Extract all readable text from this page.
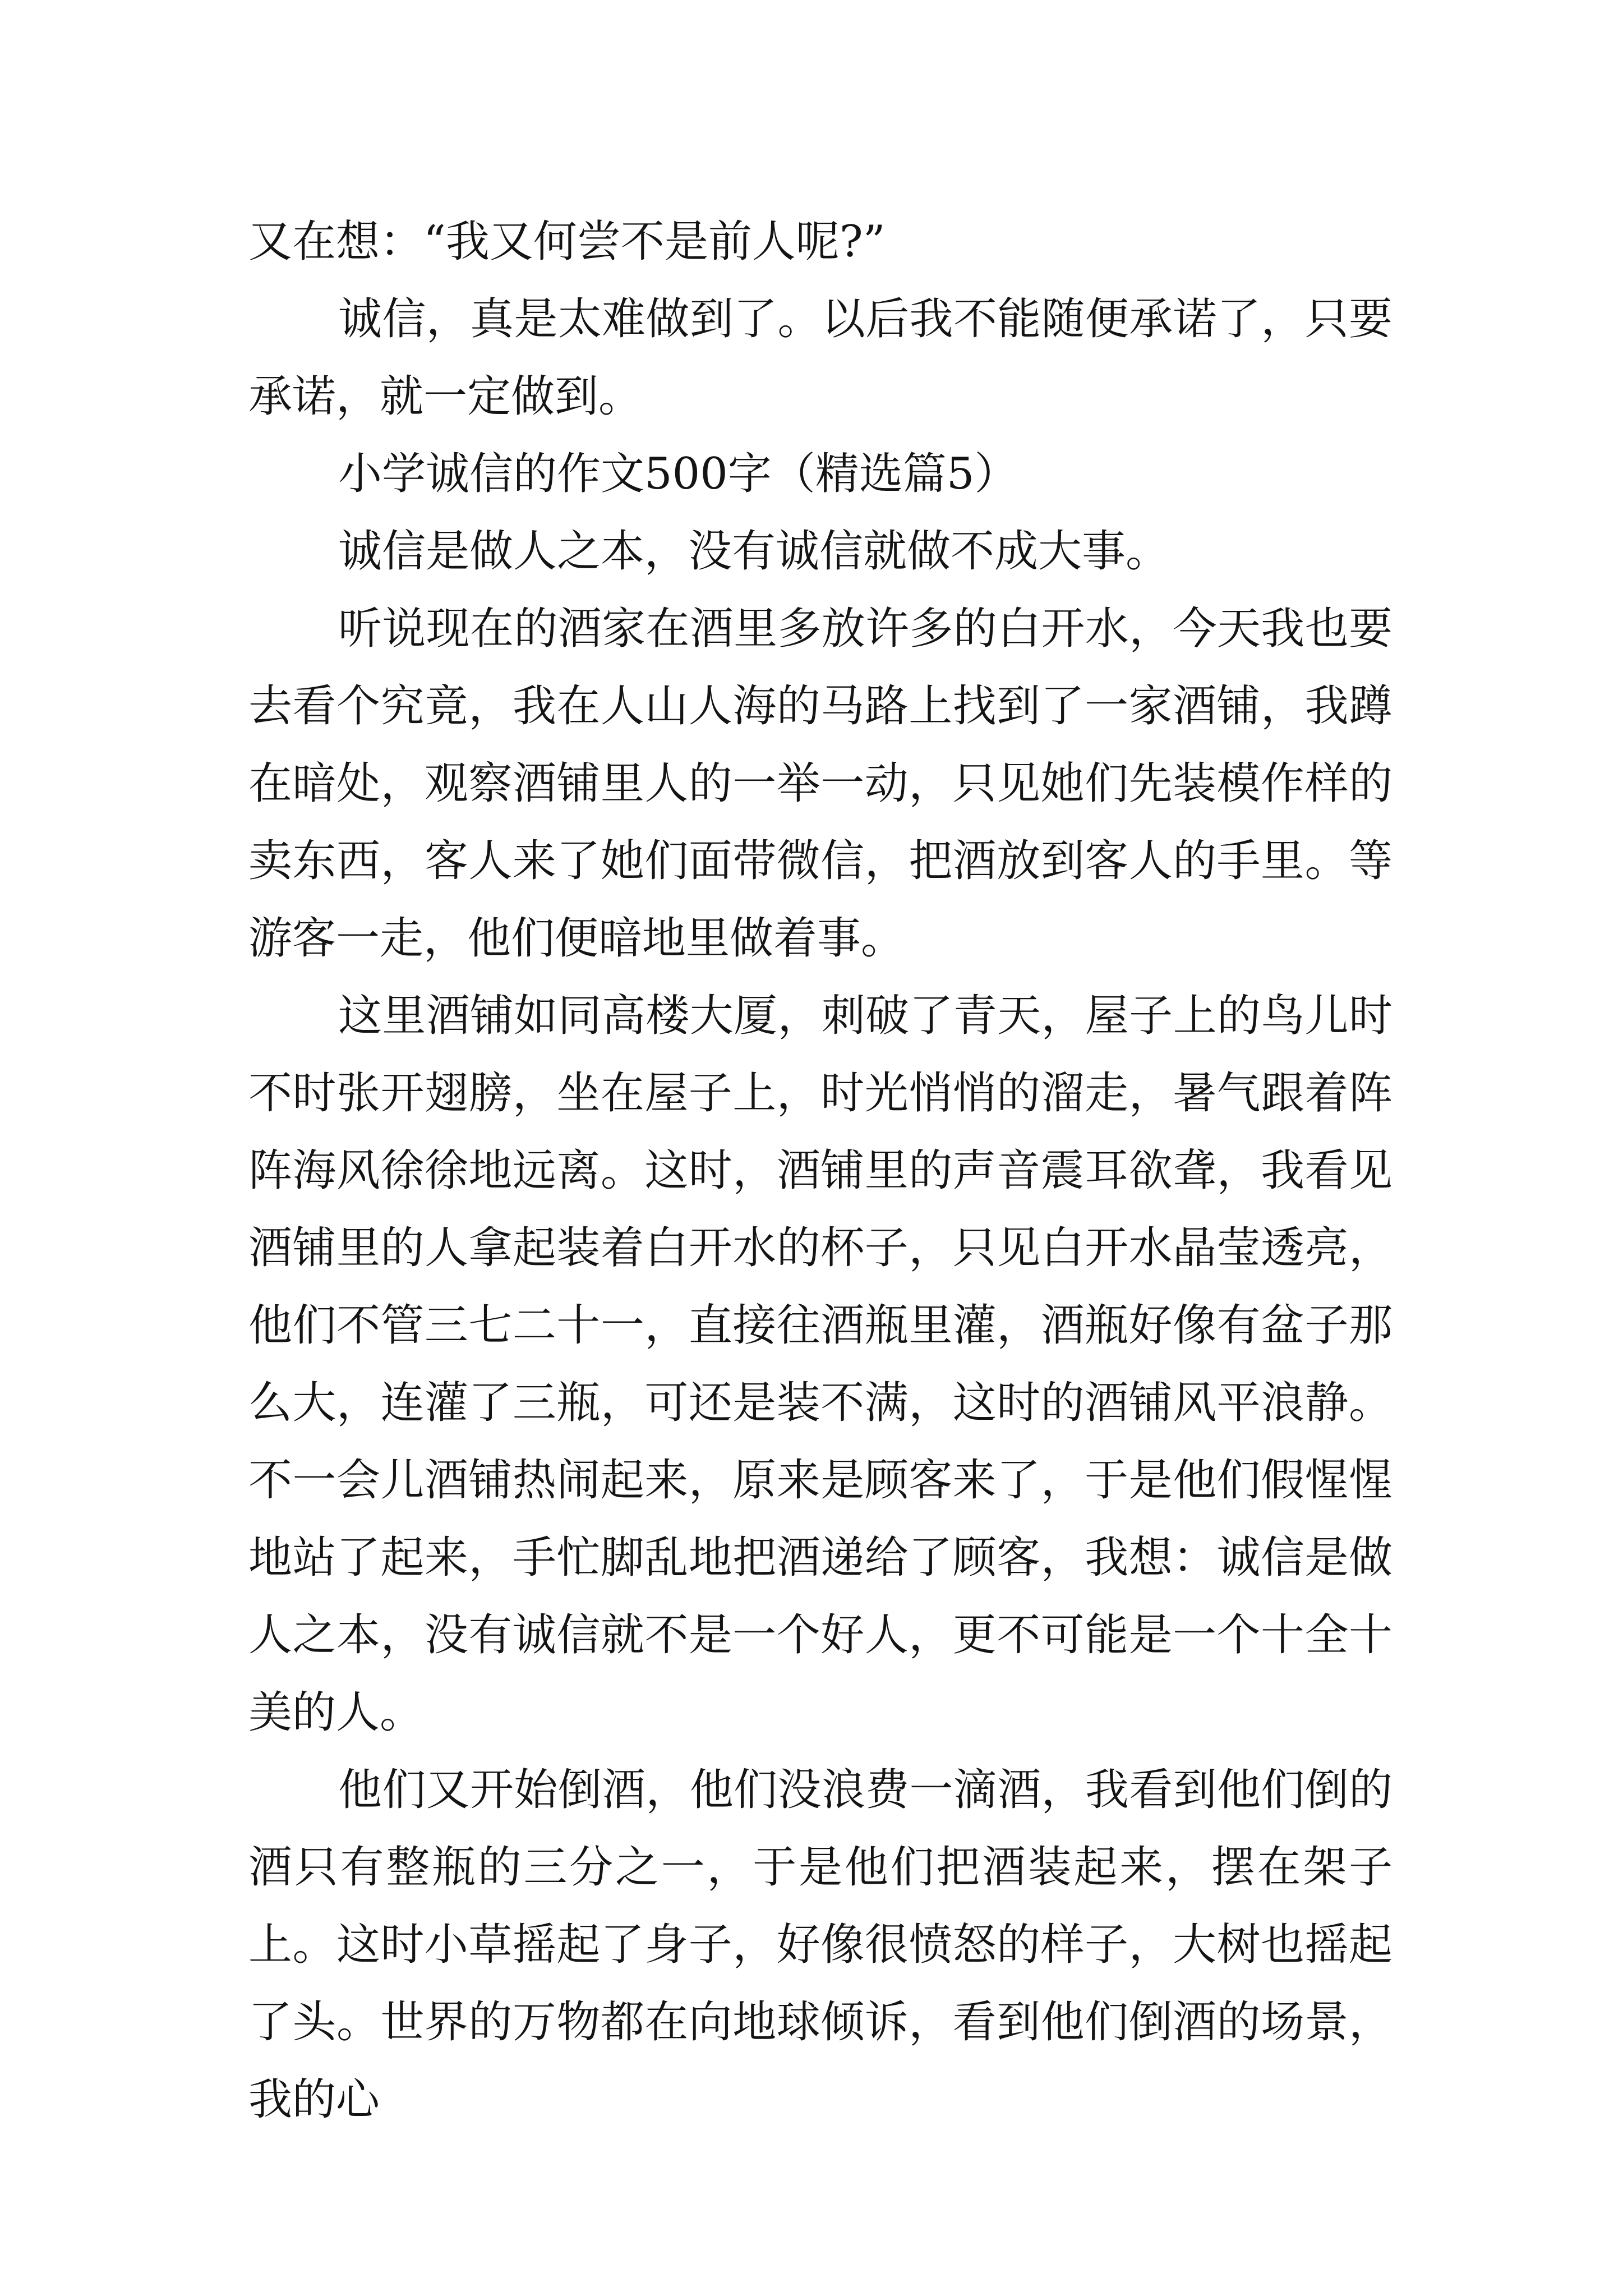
又在想：“我又何尝不是前人呢?”

诚信，真是太难做到了。以后我不能随便承诺了，只要承诺，就一定做到。

小学诚信的作文500字（精选篇5）

诚信是做人之本，没有诚信就做不成大事。

听说现在的酒家在酒里多放许多的白开水，今天我也要去看个究竟，我在人山人海的马路上找到了一家酒铺，我蹲在暗处，观察酒铺里人的一举一动，只见她们先装模作样的卖东西，客人来了她们面带微信，把酒放到客人的手里。等游客一走，他们便暗地里做着事。

这里酒铺如同高楼大厦，刺破了青天，屋子上的鸟儿时不时张开翅膀，坐在屋子上，时光悄悄的溜走，暑气跟着阵阵海风徐徐地远离。这时，酒铺里的声音震耳欲聋，我看见酒铺里的人拿起装着白开水的杯子，只见白开水晶莹透亮，他们不管三七二十一，直接往酒瓶里灌，酒瓶好像有盆子那么大，连灌了三瓶，可还是装不满，这时的酒铺风平浪静。不一会儿酒铺热闹起来，原来是顾客来了，于是他们假惺惺地站了起来，手忙脚乱地把酒递给了顾客，我想：诚信是做人之本，没有诚信就不是一个好人，更不可能是一个十全十美的人。

他们又开始倒酒，他们没浪费一滴酒，我看到他们倒的酒只有整瓶的三分之一，于是他们把酒装起来，摆在架子上。这时小草摇起了身子，好像很愤怒的样子，大树也摇起了头。世界的万物都在向地球倾诉，看到他们倒酒的场景，我的心
